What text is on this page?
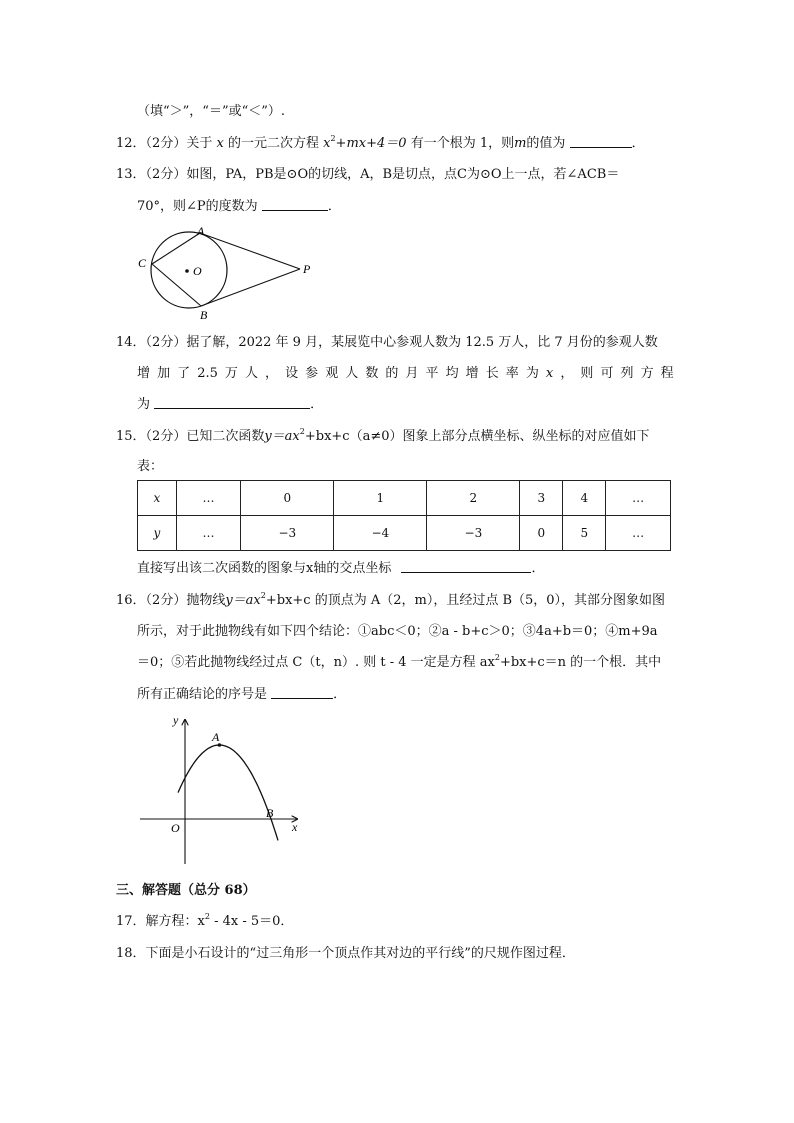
（填“＞”，“＝”或“＜”）.
12．（2分）关于 x 的一元二次方程 $x^2+mx+4=0$ 有一个根为 1，则m的值为	．
13．（2分）如图，PA，PB是⊙O的切线，A，B是切点，点C为⊙O上一点，若∠ACB＝
70°，则∠P的度数为	．
A
B
C
O	P
14．（2分）据了解，2022 年 9 月，某展览中心参观人数为 12.5 万人，比 7 月份的参观人数
增 加 了 2.5 万 人 ， 设 参 观 人 数 的 月 平 均 增 长 率 为 x ， 则 可 列 方 程
为	．
15．（2分）已知二次函数$y=ax^2+bx+c(a\ne 0)$图象上部分点横坐标、纵坐标的对应值如下
表：
x	…	0	1	2	3	4	…
y	…	−3	−4	−3	0	5	…
直接写出该二次函数的图象与x轴的交点坐标	．
16．（2分）抛物线$y=ax^2+bx+c$ 的顶点为 A（2，m），且经过点 B（5，0），其部分图象如图
所示，对于此抛物线有如下四个结论：①abc＜0；②a - b+c＞0；③4a+b＝0；④m+9a
＝0；⑤若此抛物线经过点 C（t，n）. 则 t - 4 一定是方程 $ax^2+bx+c=n$ 的一个根．其中
所有正确结论的序号是	．
y
x
O
A
B
三、解答题（总分 68）
17．解方程：$x^2 - 4x - 5=0$．
18．下面是小石设计的“过三角形一个顶点作其对边的平行线”的尺规作图过程．
